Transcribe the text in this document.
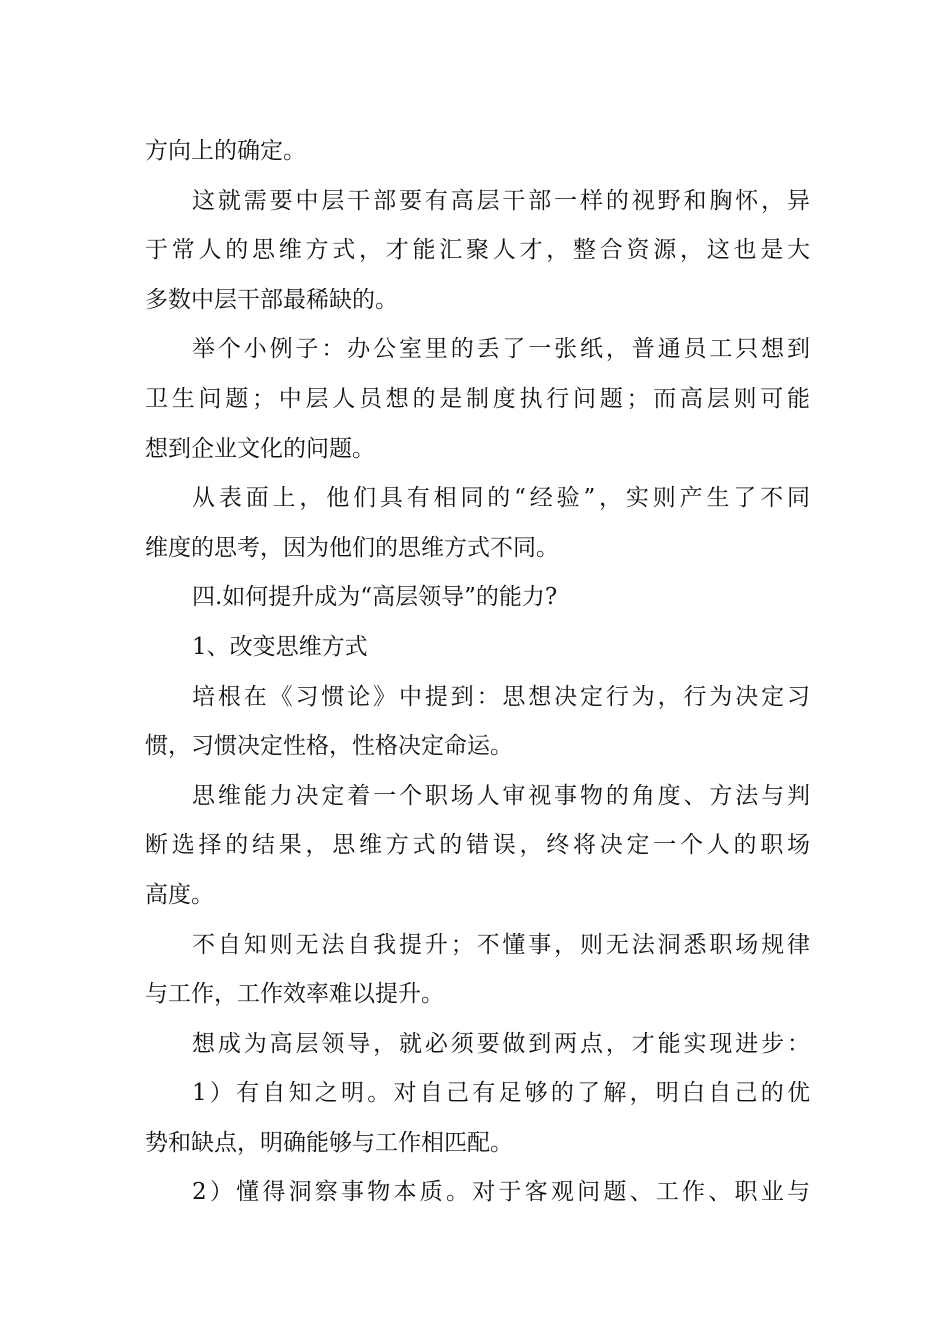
方向上的确定。
这就需要中层干部要有高层干部一样的视野和胸怀，异
于常人的思维方式，才能汇聚人才，整合资源，这也是大
多数中层干部最稀缺的。
举个小例子：办公室里的丢了一张纸，普通员工只想到
卫生问题；中层人员想的是制度执行问题；而高层则可能
想到企业文化的问题。
从表面上，他们具有相同的“经验”，实则产生了不同
维度的思考，因为他们的思维方式不同。
四.如何提升成为“高层领导”的能力?
1、改变思维方式
培根在《习惯论》中提到：思想决定行为，行为决定习
惯，习惯决定性格，性格决定命运。
思维能力决定着一个职场人审视事物的角度、方法与判
断选择的结果，思维方式的错误，终将决定一个人的职场
高度。
不自知则无法自我提升；不懂事，则无法洞悉职场规律
与工作，工作效率难以提升。
想成为高层领导，就必须要做到两点，才能实现进步：
1）有自知之明。对自己有足够的了解，明白自己的优
势和缺点，明确能够与工作相匹配。
2）懂得洞察事物本质。对于客观问题、工作、职业与
